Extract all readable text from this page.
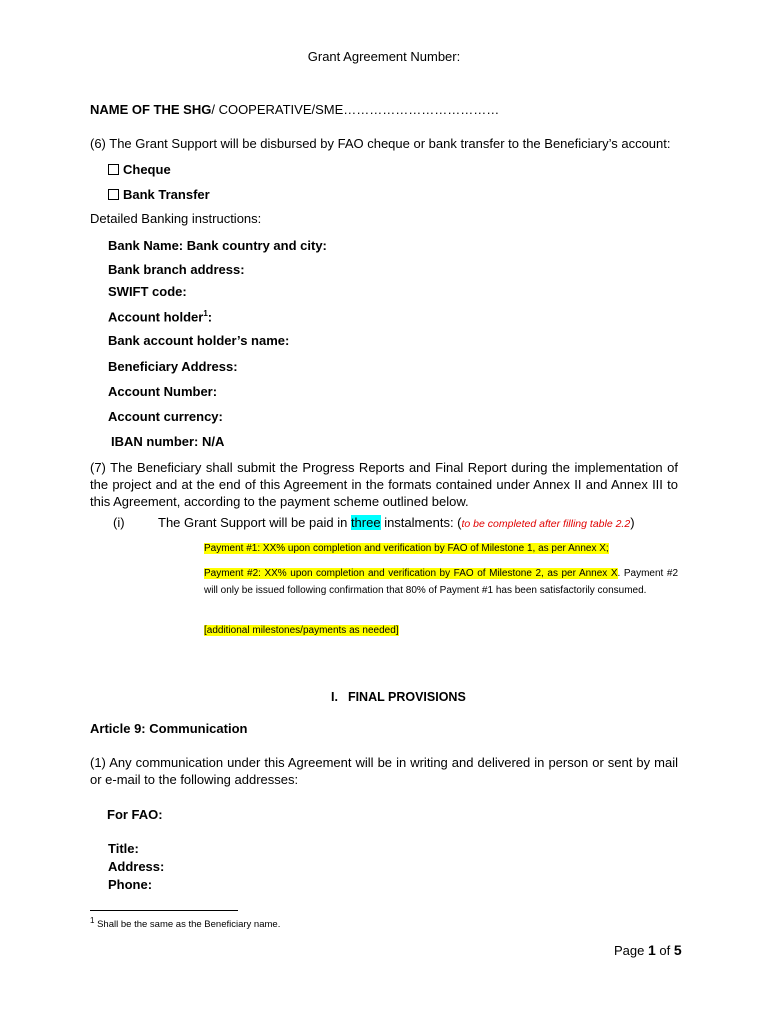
Grant Agreement Number:
NAME OF THE SHG/ COOPERATIVE/SME………………………………
(6) The Grant Support will be disbursed by FAO cheque or bank transfer to the Beneficiary’s account:
Cheque
Bank Transfer
Detailed Banking instructions:
Bank Name: Bank country and city:
Bank branch address:
SWIFT code:
Account holder$^1$:
Bank account holder’s name:
Beneficiary Address:
Account Number:
Account currency:
IBAN number: N/A
(7) The Beneficiary shall submit the Progress Reports and Final Report during the implementation of the project and at the end of this Agreement in the formats contained under Annex II and Annex III to this Agreement, according to the payment scheme outlined below.
(i)	The Grant Support will be paid in three instalments: (to be completed after filling table 2.2)
Payment #1: XX% upon completion and verification by FAO of Milestone 1, as per Annex X;
Payment #2: XX% upon completion and verification by FAO of Milestone 2, as per Annex X. Payment #2 will only be issued following confirmation that 80% of Payment #1 has been satisfactorily consumed.
[additional milestones/payments as needed]
I. FINAL PROVISIONS
Article 9: Communication
(1) Any communication under this Agreement will be in writing and delivered in person or sent by mail or e-mail to the following addresses:
For FAO:
Title:
Address:
Phone:
$^1$ Shall be the same as the Beneficiary name.
Page 1 of 5
